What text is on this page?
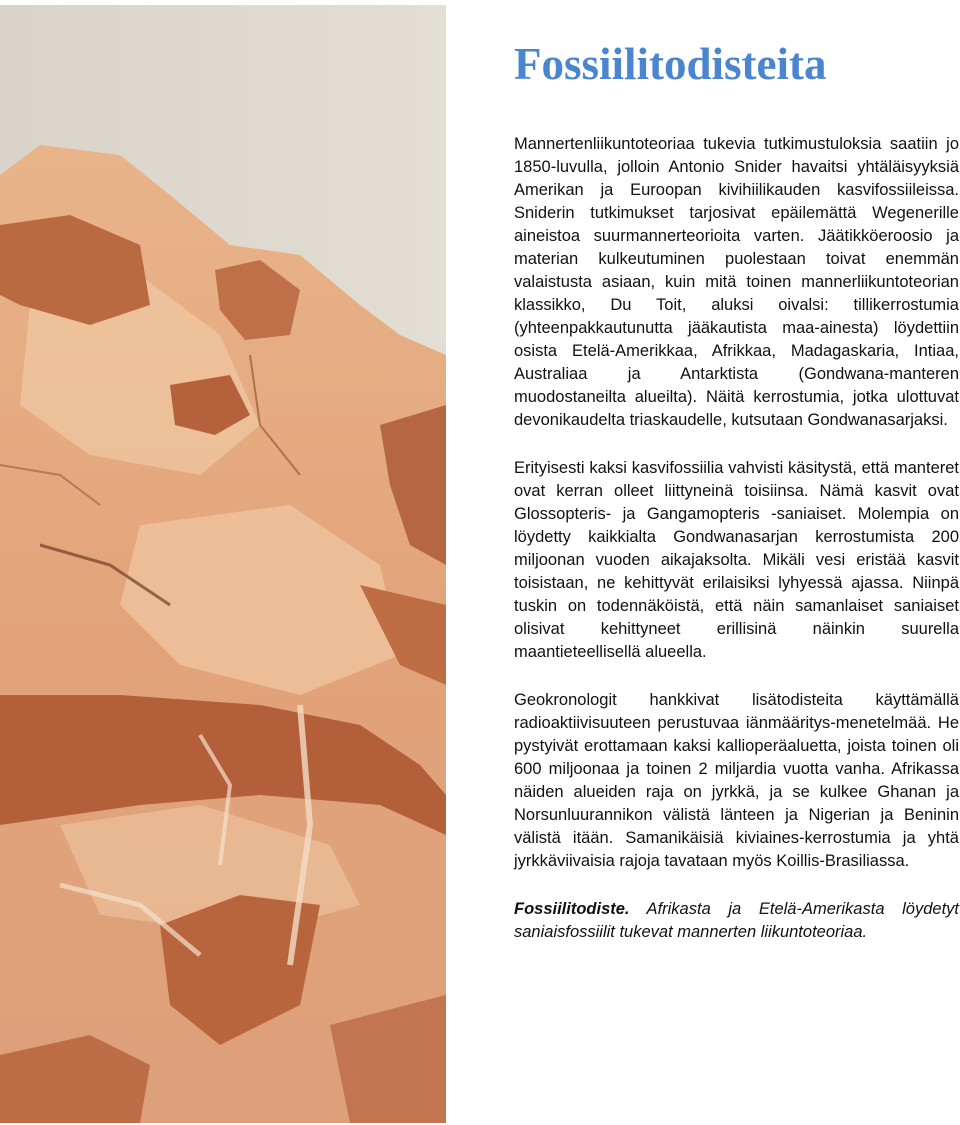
Fossiilitodisteita

Mannertenliikuntoteoriaa tukevia tutkimustuloksia saatiin jo 1850-luvulla, jolloin Antonio Snider havaitsi yhtäläisyyksiä Amerikan ja Euroopan kivihiilikauden kasvifossiileissa. Sniderin tutkimukset tarjosivat epäilemättä Wegenerille aineistoa suurmannerteorioita varten. Jäätikköeroosio ja materian kulkeutuminen puolestaan toivat enemmän valaistusta asiaan, kuin mitä toinen mannerliikuntoteorian klassikko, Du Toit, aluksi oivalsi: tillikerrostumia (yhteenpakkautunutta jääkautista maa-ainesta) löydettiin osista Etelä-Amerikkaa, Afrikkaa, Madagaskaria, Intiaa, Australiaa ja Antarktista (Gondwana-manteren muodostaneilta alueilta). Näitä kerrostumia, jotka ulottuvat devonikaudelta triaskaudelle, kutsutaan Gondwanasarjaksi.

Erityisesti kaksi kasvifossiilia vahvisti käsitystä, että manteret ovat kerran olleet liittyneinä toisiinsa. Nämä kasvit ovat Glossopteris- ja Gangamopteris -saniaiset. Molempia on löydetty kaikkialta Gondwanasarjan kerrostumista 200 miljoonan vuoden aikajaksolta. Mikäli vesi eristää kasvit toisistaan, ne kehittyvät erilaisiksi lyhyessä ajassa. Niinpä tuskin on todennäköistä, että näin samanlaiset saniaiset olisivat kehittyneet erillisinä näinkin suurella maantieteellisellä alueella.

Geokronologit hankkivat lisätodisteita käyttämällä radioaktiivisuuteen perustuvaa iänmääritys-menetelmää. He pystyivät erottamaan kaksi kallioperäaluetta, joista toinen oli 600 miljoonaa ja toinen 2 miljardia vuotta vanha. Afrikassa näiden alueiden raja on jyrkkä, ja se kulkee Ghanan ja Norsunluurannikon välistä länteen ja Nigerian ja Beninin välistä itään. Samanikäisiä kiviaines-kerrostumia ja yhtä jyrkkäviivaisia rajoja tavataan myös Koillis-Brasiliassa.

Fossiilitodiste. Afrikasta ja Etelä-Amerikasta löydetyt saniaisfossiilit tukevat mannerten liikuntoteoriaa.
